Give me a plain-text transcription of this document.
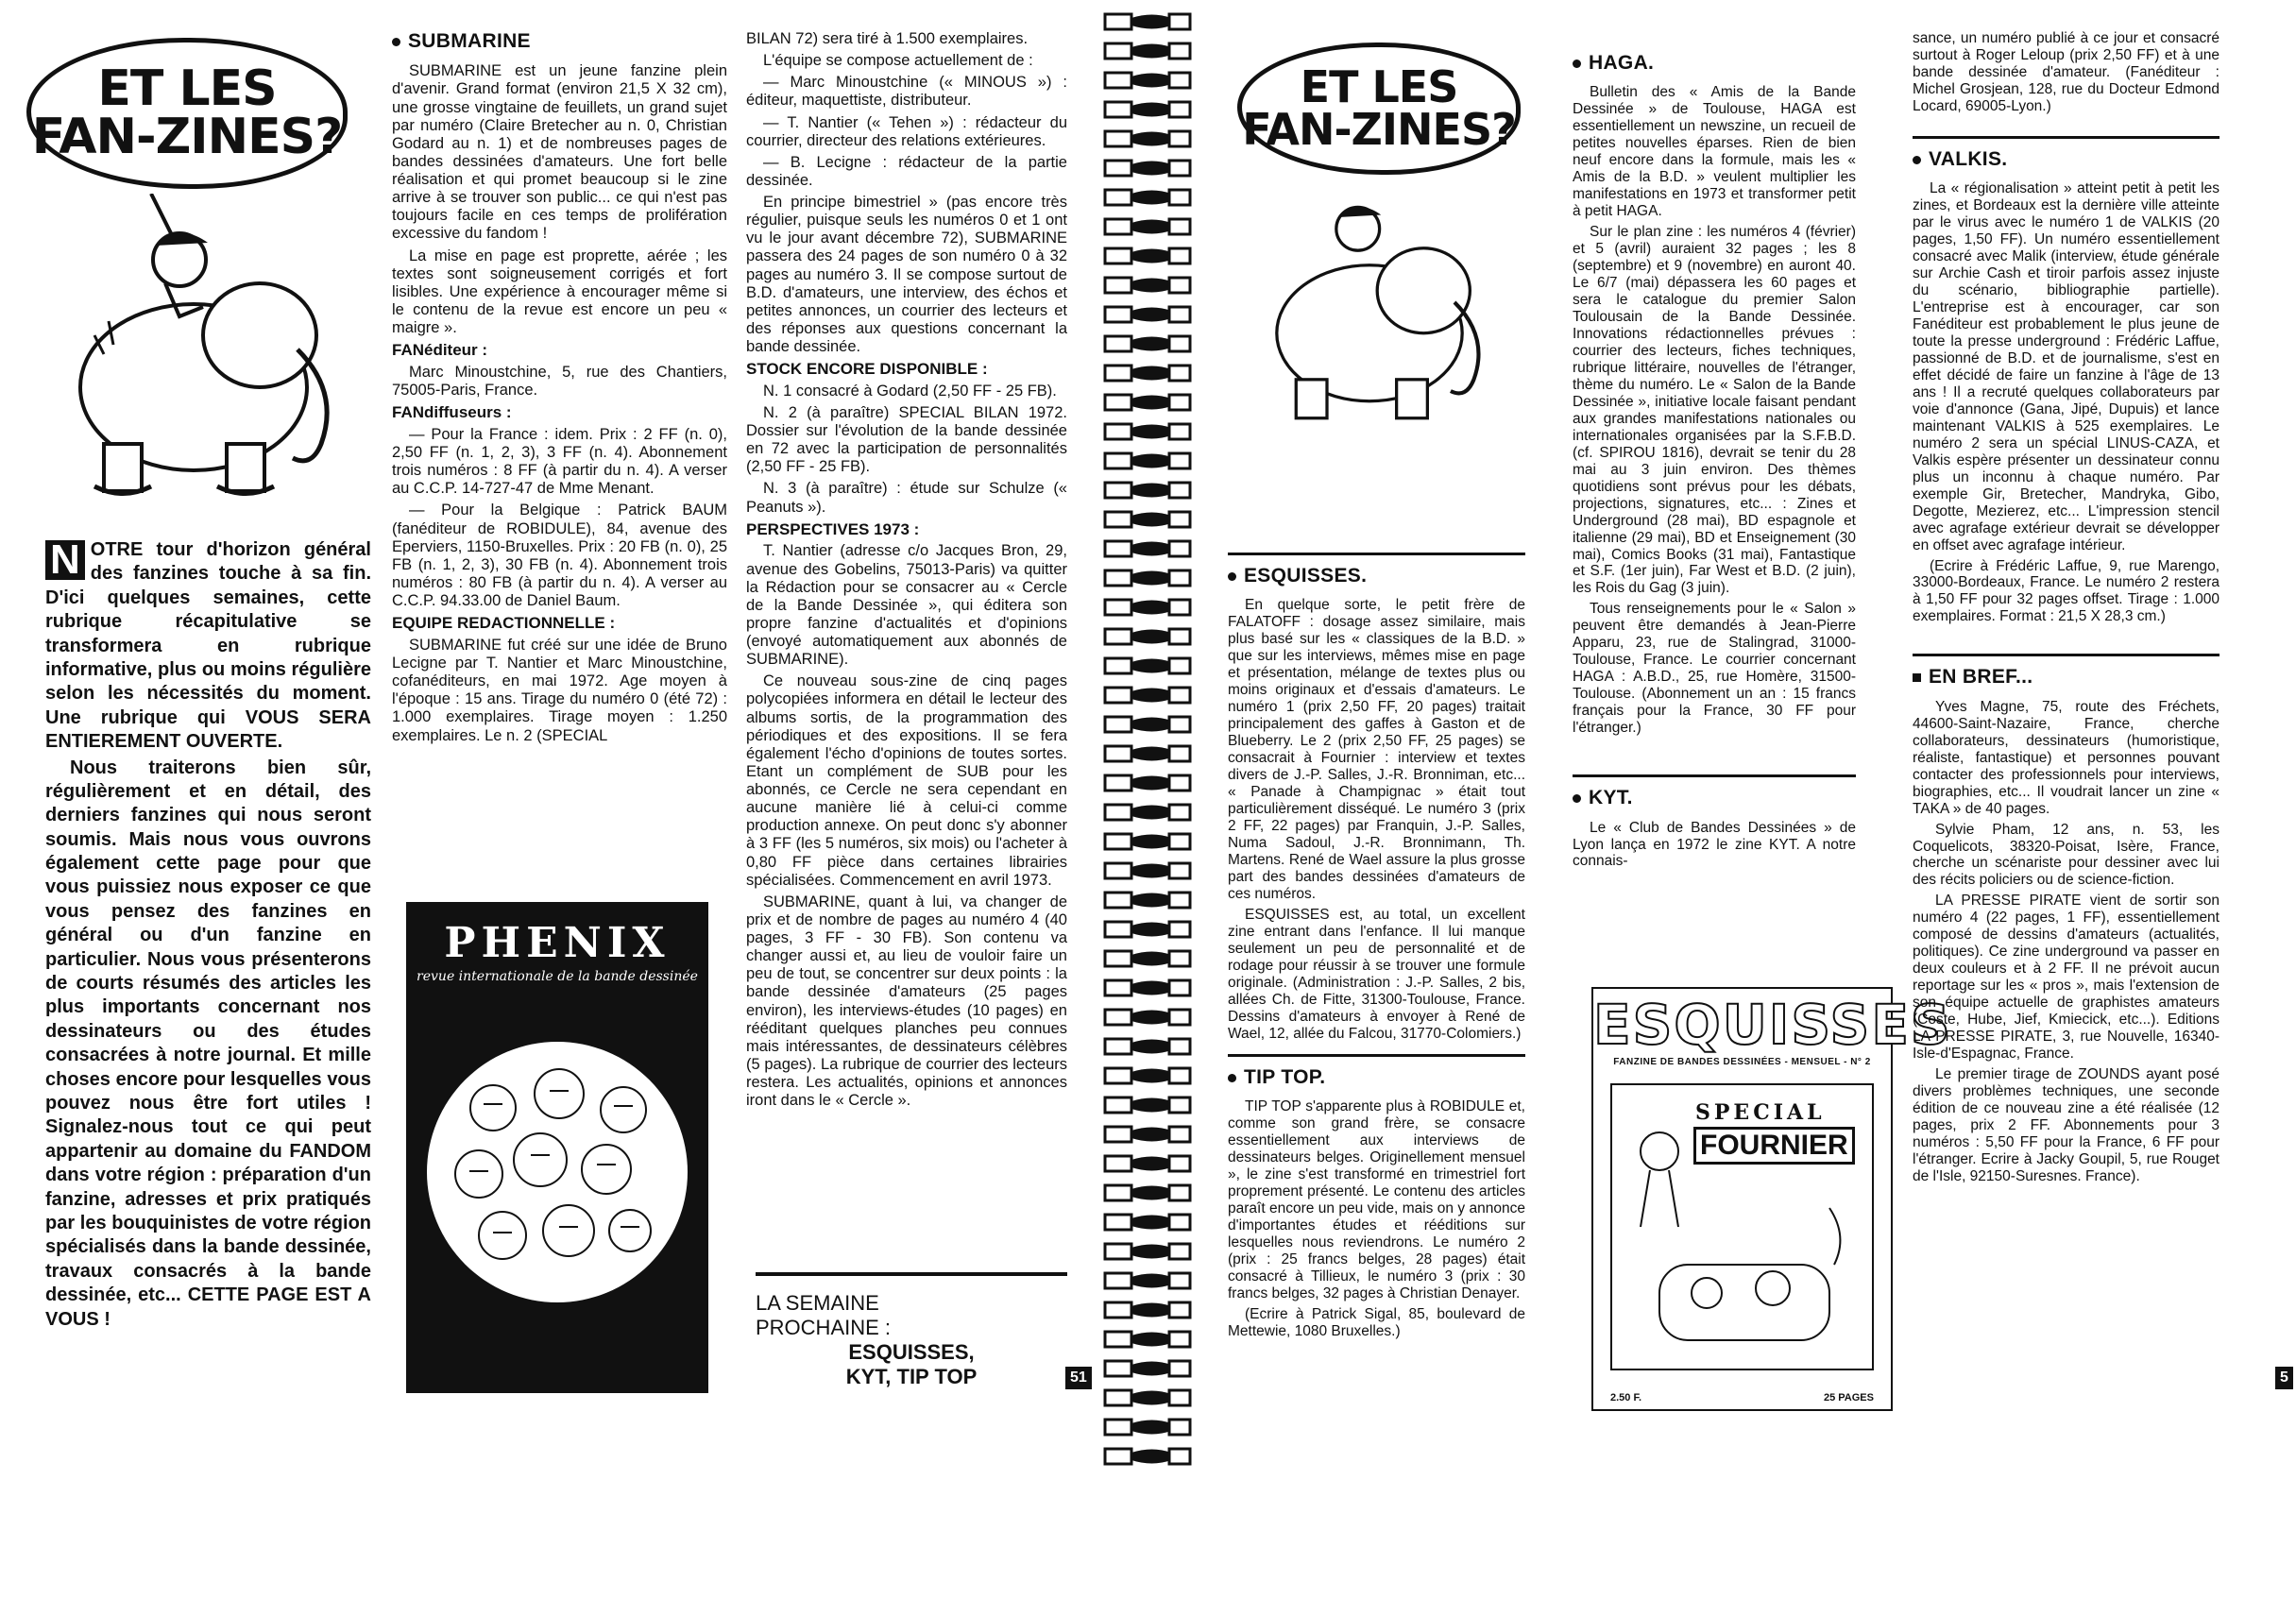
ET LES FAN-ZINES?

N OTRE tour d'horizon général des fanzines touche à sa fin. D'ici quelques semaines, cette rubrique récapitulative se transformera en rubrique informative, plus ou moins régulière selon les nécessités du moment. Une rubrique qui VOUS SERA ENTIEREMENT OUVERTE.

Nous traiterons bien sûr, régulièrement et en détail, des derniers fanzines qui nous seront soumis. Mais nous vous ouvrons également cette page pour que vous puissiez nous exposer ce que vous pensez des fanzines en général ou d'un fanzine en particulier. Nous vous présenterons de courts résumés des articles les plus importants concernant nos dessinateurs ou des études consacrées à notre journal. Et mille choses encore pour lesquelles vous pouvez nous être fort utiles ! Signalez-nous tout ce qui peut appartenir au domaine du FANDOM dans votre région : préparation d'un fanzine, adresses et prix pratiqués par les bouquinistes de votre région spécialisés dans la bande dessinée, travaux consacrés à la bande dessinée, etc... CETTE PAGE EST A VOUS !

SUBMARINE

SUBMARINE est un jeune fanzine plein d'avenir. Grand format (environ 21,5 X 32 cm), une grosse vingtaine de feuillets, un grand sujet par numéro (Claire Bretecher au n. 0, Christian Godard au n. 1) et de nombreuses pages de bandes dessinées d'amateurs. Une fort belle réalisation et qui promet beaucoup si le zine arrive à se trouver son public... ce qui n'est pas toujours facile en ces temps de prolifération excessive du fandom !

La mise en page est proprette, aérée ; les textes sont soigneusement corrigés et fort lisibles. Une expérience à encourager même si le contenu de la revue est encore un peu « maigre ».

FANéditeur :

Marc Minoustchine, 5, rue des Chantiers, 75005-Paris, France.

FANdiffuseurs :

— Pour la France : idem. Prix : 2 FF (n. 0), 2,50 FF (n. 1, 2, 3), 3 FF (n. 4). Abonnement trois numéros : 8 FF (à partir du n. 4). A verser au C.C.P. 14-727-47 de Mme Menant.

— Pour la Belgique : Patrick BAUM (fanéditeur de ROBIDULE), 84, avenue des Eperviers, 1150-Bruxelles. Prix : 20 FB (n. 0), 25 FB (n. 1, 2, 3), 30 FB (n. 4). Abonnement trois numéros : 80 FB (à partir du n. 4). A verser au C.C.P. 94.33.00 de Daniel Baum.

EQUIPE REDACTIONNELLE :

SUBMARINE fut créé sur une idée de Bruno Lecigne par T. Nantier et Marc Minoustchine, cofanéditeurs, en mai 1972. Age moyen à l'époque : 15 ans. Tirage du numéro 0 (été 72) : 1.000 exemplaires. Tirage moyen : 1.250 exemplaires. Le n. 2 (SPECIAL

PHENIX
revue internationale de la bande dessinée

BILAN 72) sera tiré à 1.500 exemplaires.

L'équipe se compose actuellement de :

— Marc Minoustchine (« MINOUS ») : éditeur, maquettiste, distributeur.

— T. Nantier (« Tehen ») : rédacteur du courrier, directeur des relations extérieures.

— B. Lecigne : rédacteur de la partie dessinée.

En principe bimestriel » (pas encore très régulier, puisque seuls les numéros 0 et 1 ont vu le jour avant décembre 72), SUBMARINE passera des 24 pages de son numéro 0 à 32 pages au numéro 3. Il se compose surtout de B.D. d'amateurs, une interview, des échos et petites annonces, un courrier des lecteurs et des réponses aux questions concernant la bande dessinée.

STOCK ENCORE DISPONIBLE :

N. 1 consacré à Godard (2,50 FF - 25 FB).

N. 2 (à paraître) SPECIAL BILAN 1972. Dossier sur l'évolution de la bande dessinée en 72 avec la participation de personnalités (2,50 FF - 25 FB).

N. 3 (à paraître) : étude sur Schulze (« Peanuts »).

PERSPECTIVES 1973 :

T. Nantier (adresse c/o Jacques Bron, 29, avenue des Gobelins, 75013-Paris) va quitter la Rédaction pour se consacrer au « Cercle de la Bande Dessinée », qui éditera son propre fanzine d'actualités et d'opinions (envoyé automatiquement aux abonnés de SUBMARINE).

Ce nouveau sous-zine de cinq pages polycopiées informera en détail le lecteur des albums sortis, de la programmation des périodiques et des expositions. Il se fera également l'écho d'opinions de toutes sortes. Etant un complément de SUB pour les abonnés, ce Cercle ne sera cependant en aucune manière lié à celui-ci comme production annexe. On peut donc s'y abonner à 3 FF (les 5 numéros, six mois) ou l'acheter à 0,80 FF pièce dans certaines librairies spécialisées. Commencement en avril 1973.

SUBMARINE, quant à lui, va changer de prix et de nombre de pages au numéro 4 (40 pages, 3 FF - 30 FB). Son contenu va changer aussi et, au lieu de vouloir faire un peu de tout, se concentrer sur deux points : la bande dessinée d'amateurs (25 pages environ), les interviews-études (10 pages) en rééditant quelques planches peu connues mais intéressantes, de dessinateurs célèbres (5 pages). La rubrique de courrier des lecteurs restera. Les actualités, opinions et annonces iront dans le « Cercle ».

LA SEMAINE PROCHAINE :
ESQUISSES, KYT, TIP TOP	51
ET LES FAN-ZINES?
ESQUISSES.

En quelque sorte, le petit frère de FALATOFF : dosage assez similaire, mais plus basé sur les « classiques de la B.D. » que sur les interviews, mêmes mise en page et présentation, mélange de textes plus ou moins originaux et d'essais d'amateurs. Le numéro 1 (prix 2,50 FF, 20 pages) traitait principalement des gaffes à Gaston et de Blueberry. Le 2 (prix 2,50 FF, 25 pages) se consacrait à Fournier : interview et textes divers de J.-P. Salles, J.-R. Bronniman, etc... « Panade à Champignac » était tout particulièrement disséqué. Le numéro 3 (prix 2 FF, 22 pages) par Franquin, J.-P. Salles, Numa Sadoul, J.-R. Bronnimann, Th. Martens. René de Wael assure la plus grosse part des bandes dessinées d'amateurs de ces numéros.

ESQUISSES est, au total, un excellent zine entrant dans l'enfance. Il lui manque seulement un peu de personnalité et de rodage pour réussir à se trouver une formule originale. (Administration : J.-P. Salles, 2 bis, allées Ch. de Fitte, 31300-Toulouse, France. Dessins d'amateurs à envoyer à René de Wael, 12, allée du Falcou, 31770-Colomiers.)

TIP TOP.

TIP TOP s'apparente plus à ROBIDULE et, comme son grand frère, se consacre essentiellement aux interviews de dessinateurs belges. Originellement mensuel », le zine s'est transformé en trimestriel fort proprement présenté. Le contenu des articles paraît encore un peu vide, mais on y annonce d'importantes études et rééditions sur lesquelles nous reviendrons. Le numéro 2 (prix : 25 francs belges, 28 pages) était consacré à Tillieux, le numéro 3 (prix : 30 francs belges, 32 pages à Christian Denayer.

(Ecrire à Patrick Sigal, 85, boulevard de Mettewie, 1080 Bruxelles.)

HAGA.

Bulletin des « Amis de la Bande Dessinée » de Toulouse, HAGA est essentiellement un newszine, un recueil de petites nouvelles éparses. Rien de bien neuf encore dans la formule, mais les « Amis de la B.D. » veulent multiplier les manifestations en 1973 et transformer petit à petit HAGA.

Sur le plan zine : les numéros 4 (février) et 5 (avril) auraient 32 pages ; les 8 (septembre) et 9 (novembre) en auront 40. Le 6/7 (mai) dépassera les 60 pages et sera le catalogue du premier Salon Toulousain de la Bande Dessinée. Innovations rédactionnelles prévues : courrier des lecteurs, fiches techniques, rubrique littéraire, nouvelles de l'étranger, thème du numéro. Le « Salon de la Bande Dessinée », initiative locale faisant pendant aux grandes manifestations nationales ou internationales organisées par la S.F.B.D. (cf. SPIROU 1816), devrait se tenir du 28 mai au 3 juin environ. Des thèmes quotidiens sont prévus pour les débats, projections, signatures, etc... : Zines et Underground (28 mai), BD espagnole et italienne (29 mai), BD et Enseignement (30 mai), Comics Books (31 mai), Fantastique et S.F. (1er juin), Far West et B.D. (2 juin), les Rois du Gag (3 juin).

Tous renseignements pour le « Salon » peuvent être demandés à Jean-Pierre Apparu, 23, rue de Stalingrad, 31000-Toulouse, France. Le courrier concernant HAGA : A.B.D., 25, rue Homère, 31500-Toulouse. (Abonnement un an : 15 francs français pour la France, 30 FF pour l'étranger.)

KYT.

Le « Club de Bandes Dessinées » de Lyon lança en 1972 le zine KYT. A notre connais-

ESQUISSES
FANZINE DE BANDES DESSINÉES - MENSUEL - N° 2
SPECIAL
FOURNIER
2.50 F.	25 PAGES

sance, un numéro publié à ce jour et consacré surtout à Roger Leloup (prix 2,50 FF) et à une bande dessinée d'amateur. (Fanéditeur : Michel Grosjean, 128, rue du Docteur Edmond Locard, 69005-Lyon.)

VALKIS.

La « régionalisation » atteint petit à petit les zines, et Bordeaux est la dernière ville atteinte par le virus avec le numéro 1 de VALKIS (20 pages, 1,50 FF). Un numéro essentiellement consacré avec Malik (interview, étude générale sur Archie Cash et tiroir parfois assez injuste du scénario, bibliographie partielle). L'entreprise est à encourager, car son Fanéditeur est probablement le plus jeune de toute la presse underground : Frédéric Laffue, passionné de B.D. et de journalisme, s'est en effet décidé de faire un fanzine à l'âge de 13 ans ! Il a recruté quelques collaborateurs par voie d'annonce (Gana, Jipé, Dupuis) et lance maintenant VALKIS à 525 exemplaires. Le numéro 2 sera un spécial LINUS-CAZA, et Valkis espère présenter un dessinateur connu plus un inconnu à chaque numéro. Par exemple Gir, Bretecher, Mandryka, Gibo, Degotte, Mezierez, etc... L'impression stencil avec agrafage extérieur devrait se développer en offset avec agrafage intérieur.

(Ecrire à Frédéric Laffue, 9, rue Marengo, 33000-Bordeaux, France. Le numéro 2 restera à 1,50 FF pour 32 pages offset. Tirage : 1.000 exemplaires. Format : 21,5 X 28,3 cm.)

EN BREF...

Yves Magne, 75, route des Fréchets, 44600-Saint-Nazaire, France, cherche collaborateurs, dessinateurs (humoristique, réaliste, fantastique) et personnes pouvant contacter des professionnels pour interviews, biographies, etc... Il voudrait lancer un zine « TAKA » de 40 pages.

Sylvie Pham, 12 ans, n. 53, les Coquelicots, 38320-Poisat, Isère, France, cherche un scénariste pour dessiner avec lui des récits policiers ou de science-fiction.

LA PRESSE PIRATE vient de sortir son numéro 4 (22 pages, 1 FF), essentiellement composé de dessins d'amateurs (actualités, politiques). Ce zine underground va passer en deux couleurs et à 2 FF. Il ne prévoit aucun reportage sur les « pros », mais l'extension de son équipe actuelle de graphistes amateurs (Coste, Hube, Jief, Kmiecick, etc...). Editions LA PRESSE PIRATE, 3, rue Nouvelle, 16340-Isle-d'Espagnac, France.

Le premier tirage de ZOUNDS ayant posé divers problèmes techniques, une seconde édition de ce nouveau zine a été réalisée (12 pages, prix 2 FF. Abonnements pour 3 numéros : 5,50 FF pour la France, 6 FF pour l'étranger. Ecrire à Jacky Goupil, 5, rue Rouget de l'Isle, 92150-Suresnes. France).

5
